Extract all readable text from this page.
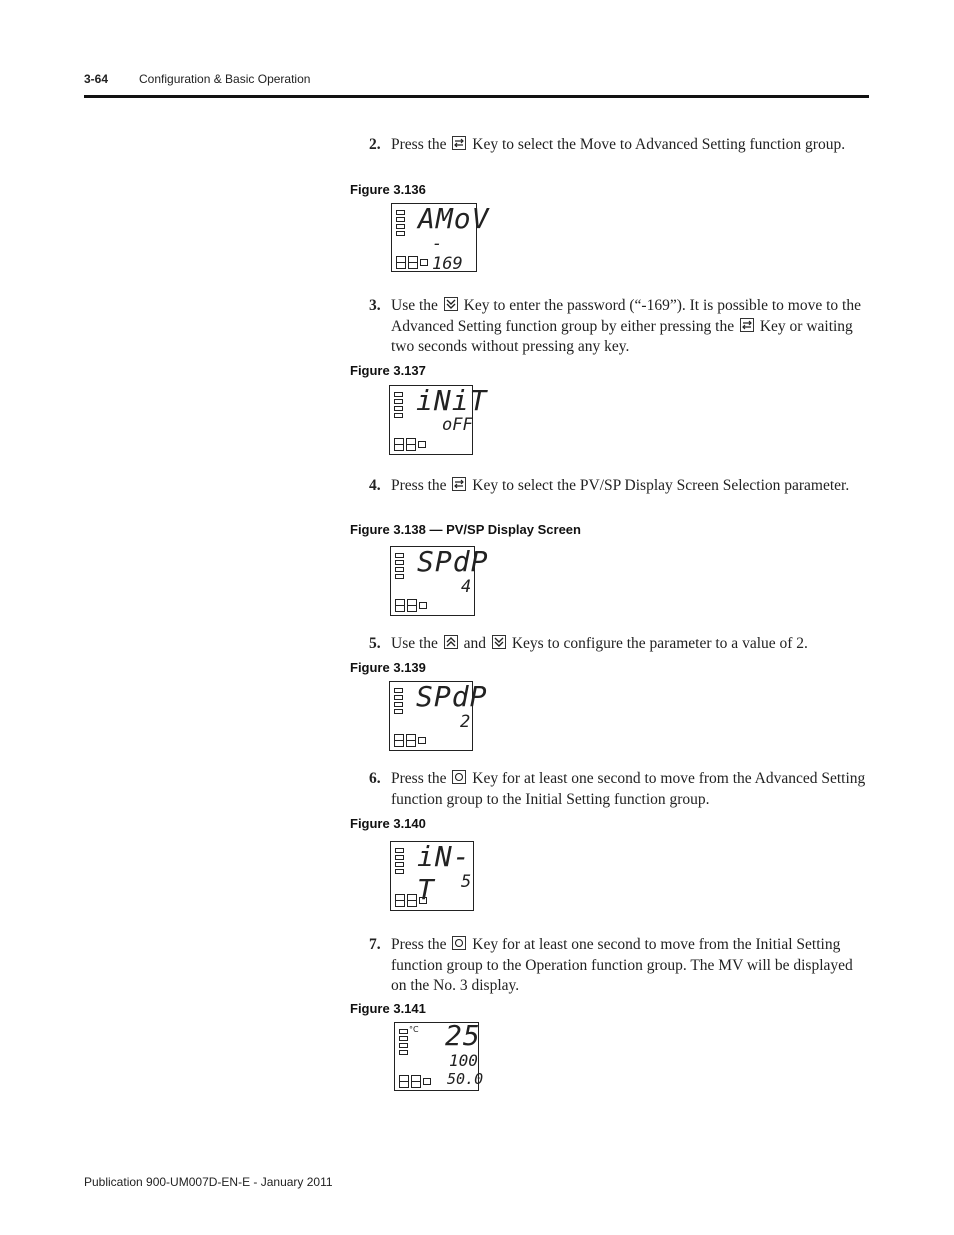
3-64	Configuration & Basic Operation
2. Press the Key to select the Move to Advanced Setting function group.
Figure 3.136
AMoV
- 169
3. Use the Key to enter the password (“-169”). It is possible to move to the Advanced Setting function group by either pressing the Key or waiting two seconds without pressing any key.
Figure 3.137
iNiT
oFF
4. Press the Key to select the PV/SP Display Screen Selection parameter.
Figure 3.138 — PV/SP Display Screen
SPdP
4
5. Use the and Keys to configure the parameter to a value of 2.
Figure 3.139
SPdP
2
6. Press the Key for at least one second to move from the Advanced Setting function group to the Initial Setting function group.
Figure 3.140
iN-T	5
7. Press the Key for at least one second to move from the Initial Setting function group to the Operation function group. The MV will be displayed on the No. 3 display.
Figure 3.141
°C 25
100
50.0
Publication 900-UM007D-EN-E - January 2011
